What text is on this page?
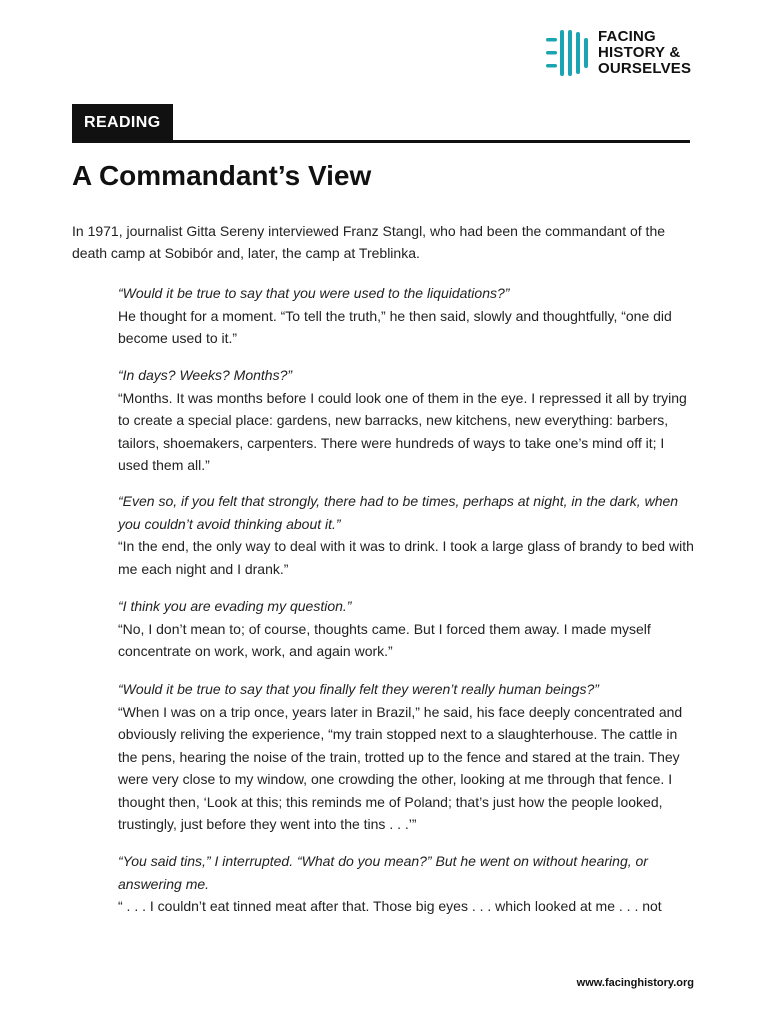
FACING
HISTORY &
OURSELVES
READING
A Commandant’s View

In 1971, journalist Gitta Sereny interviewed Franz Stangl, who had been the commandant of the death camp at Sobibór and, later, the camp at Treblinka.

“Would it be true to say that you were used to the liquidations?”
He thought for a moment. “To tell the truth,” he then said, slowly and thoughtfully, “one did become used to it.”

“In days? Weeks? Months?”
“Months. It was months before I could look one of them in the eye. I repressed it all by trying to create a special place: gardens, new barracks, new kitchens, new everything: barbers, tailors, shoemakers, carpenters. There were hundreds of ways to take one’s mind off it; I used them all.”

“Even so, if you felt that strongly, there had to be times, perhaps at night, in the dark, when you couldn’t avoid thinking about it.”
“In the end, the only way to deal with it was to drink. I took a large glass of brandy to bed with me each night and I drank.”

“I think you are evading my question.”
“No, I don’t mean to; of course, thoughts came. But I forced them away. I made myself concentrate on work, work, and again work.”

“Would it be true to say that you finally felt they weren’t really human beings?”
“When I was on a trip once, years later in Brazil,” he said, his face deeply concentrated and obviously reliving the experience, “my train stopped next to a slaughterhouse. The cattle in the pens, hearing the noise of the train, trotted up to the fence and stared at the train. They were very close to my window, one crowding the other, looking at me through that fence. I thought then, ‘Look at this; this reminds me of Poland; that’s just how the people looked, trustingly, just before they went into the tins . . .’”

“You said tins,” I interrupted. “What do you mean?” But he went on without hearing, or answering me.
“ . . . I couldn’t eat tinned meat after that. Those big eyes . . . which looked at me . . . not

www.facinghistory.org
